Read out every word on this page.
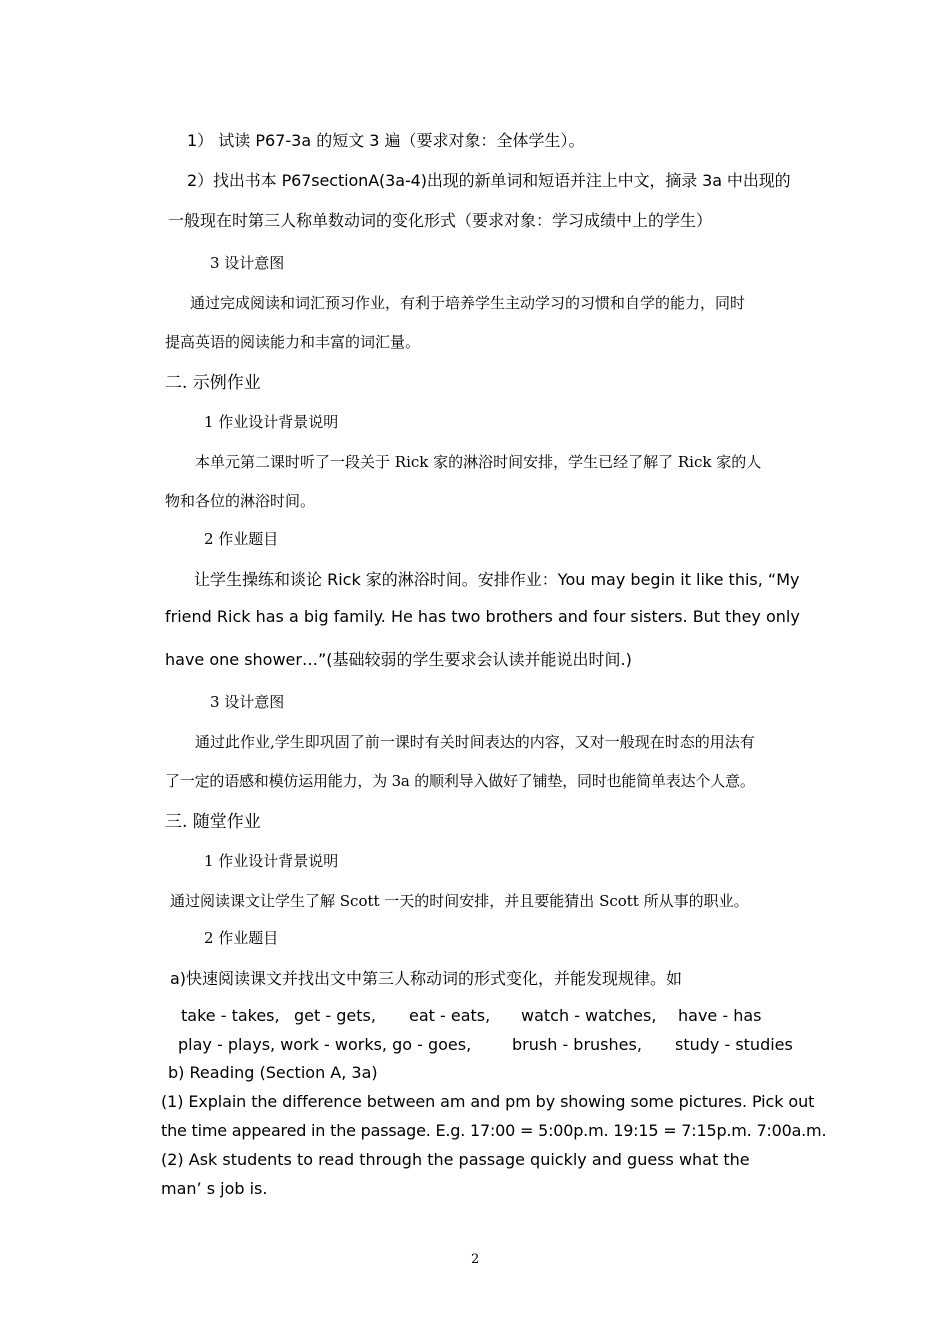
1） 试读 P67-3a 的短文 3 遍（要求对象：全体学生）。
2）找出书本 P67sectionA(3a-4)出现的新单词和短语并注上中文，摘录 3a 中出现的
一般现在时第三人称单数动词的变化形式（要求对象：学习成绩中上的学生）
3 设计意图
通过完成阅读和词汇预习作业，有利于培养学生主动学习的习惯和自学的能力，同时
提高英语的阅读能力和丰富的词汇量。
二. 示例作业
1 作业设计背景说明
本单元第二课时听了一段关于 Rick 家的淋浴时间安排，学生已经了解了 Rick 家的人
物和各位的淋浴时间。
2 作业题目
让学生操练和谈论 Rick 家的淋浴时间。安排作业：You may begin it like this, “My
friend Rick has a big family. He has two brothers and four sisters. But they only
have one shower…”(基础较弱的学生要求会认读并能说出时间.)
3 设计意图
通过此作业,学生即巩固了前一课时有关时间表达的内容，又对一般现在时态的用法有
了一定的语感和模仿运用能力，为 3a 的顺利导入做好了铺垫，同时也能简单表达个人意。
三. 随堂作业
1 作业设计背景说明
通过阅读课文让学生了解 Scott 一天的时间安排，并且要能猜出 Scott 所从事的职业。
2 作业题目
a)快速阅读课文并找出文中第三人称动词的形式变化，并能发现规律。如
take - takes, get - gets, eat - eats, watch - watches, have - has
play - plays, work - works, go - goes,	brush - brushes, study - studies
b) Reading (Section A, 3a)
(1) Explain the difference between am and pm by showing some pictures. Pick out
the time appeared in the passage. E.g. 17:00 = 5:00p.m. 19:15 = 7:15p.m. 7:00a.m.
(2) Ask students to read through the passage quickly and guess what the
man’ s job is.
2
